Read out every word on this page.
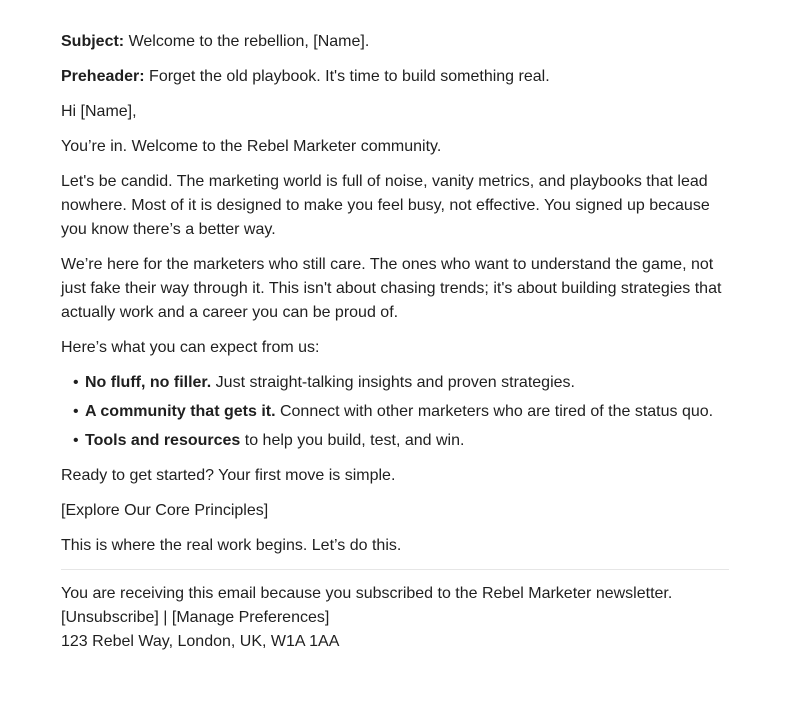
Subject: Welcome to the rebellion, [Name].

Preheader: Forget the old playbook. It's time to build something real.

Hi [Name],

You’re in. Welcome to the Rebel Marketer community.

Let's be candid. The marketing world is full of noise, vanity metrics, and playbooks that lead nowhere. Most of it is designed to make you feel busy, not effective. You signed up because you know there’s a better way.

We’re here for the marketers who still care. The ones who want to understand the game, not just fake their way through it. This isn't about chasing trends; it's about building strategies that actually work and a career you can be proud of.

Here’s what you can expect from us:

• No fluff, no filler. Just straight-talking insights and proven strategies.
• A community that gets it. Connect with other marketers who are tired of the status quo.
• Tools and resources to help you build, test, and win.

Ready to get started? Your first move is simple.

[Explore Our Core Principles]

This is where the real work begins. Let’s do this.

You are receiving this email because you subscribed to the Rebel Marketer newsletter.

[Unsubscribe] | [Manage Preferences]

123 Rebel Way, London, UK, W1A 1AA
